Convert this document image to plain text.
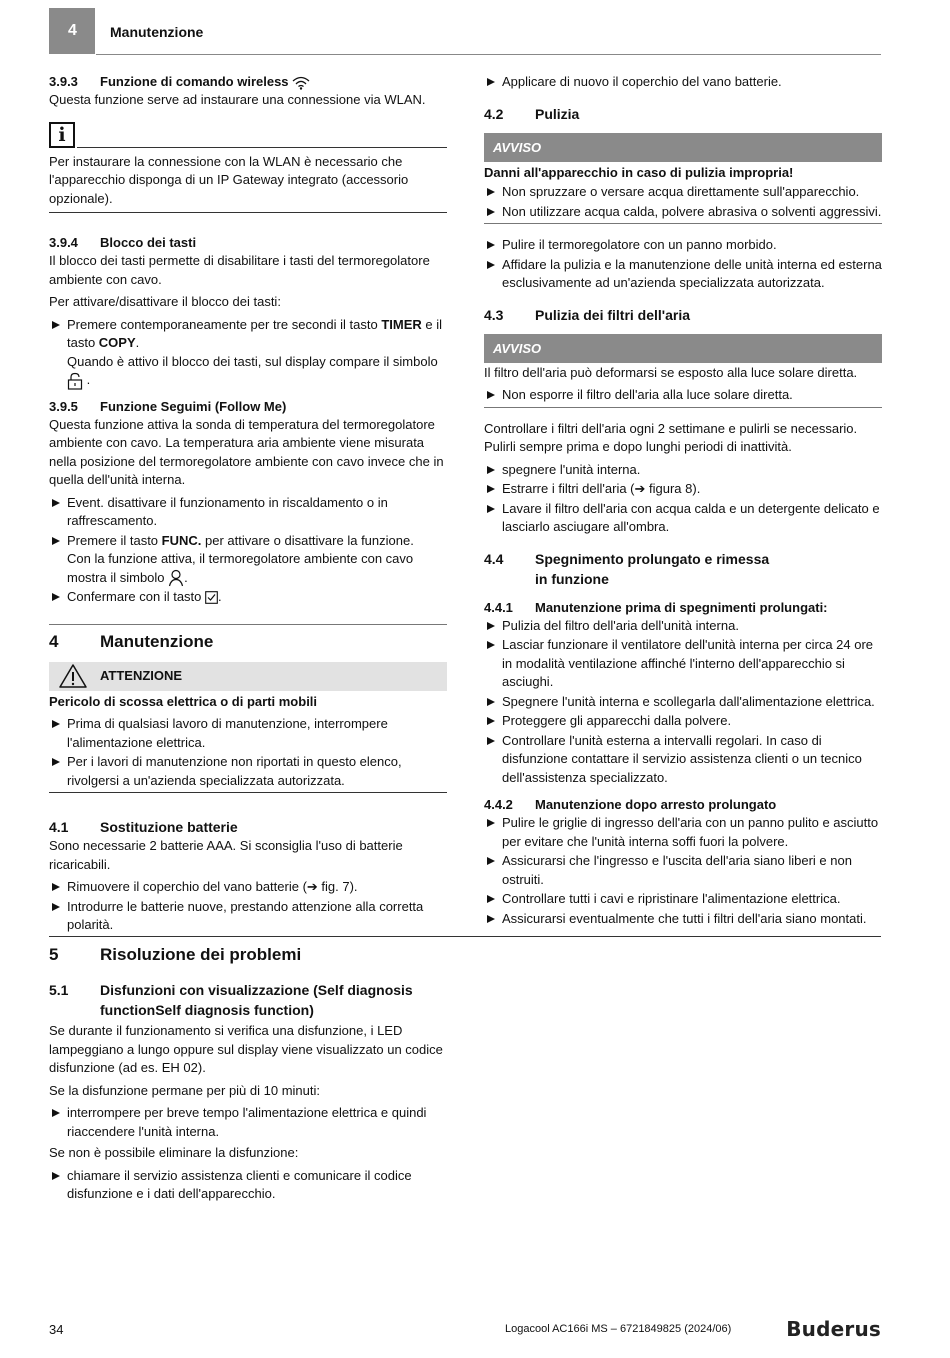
4 Manutenzione
3.9.3 Funzione di comando wireless

Questa funzione serve ad instaurare una connessione via WLAN.

i

Per instaurare la connessione con la WLAN è necessario che l'apparecchio disponga di un IP Gateway integrato (accessorio opzionale).

3.9.4 Blocco dei tasti

Il blocco dei tasti permette di disabilitare i tasti del termoregolatore ambiente con cavo.

Per attivare/disattivare il blocco dei tasti:

Premere contemporaneamente per tre secondi il tasto TIMER e il tasto COPY.
Quando è attivo il blocco dei tasti, sul display compare il simbolo  .
3.9.5 Funzione Seguimi (Follow Me)

Questa funzione attiva la sonda di temperatura del termoregolatore ambiente con cavo. La temperatura aria ambiente viene misurata nella posizione del termoregolatore ambiente con cavo invece che in quella dell'unità interna.

Event. disattivare il funzionamento in riscaldamento o in raffrescamento.
Premere il tasto FUNC. per attivare o disattivare la funzione.
Con la funzione attiva, il termoregolatore ambiente con cavo mostra il simbolo .
Confermare con il tasto .
4	Manutenzione
ATTENZIONE

Pericolo di scossa elettrica o di parti mobili

Prima di qualsiasi lavoro di manutenzione, interrompere l'alimentazione elettrica.
Per i lavori di manutenzione non riportati in questo elenco, rivolgersi a un'azienda specializzata autorizzata.
4.1	Sostituzione batterie

Sono necessarie 2 batterie AAA. Si sconsiglia l'uso di batterie ricaricabili.

Rimuovere il coperchio del vano batterie (➔ fig. 7).
Introdurre le batterie nuove, prestando attenzione alla corretta polarità.
Applicare di nuovo il coperchio del vano batterie.
4.2	Pulizia
AVVISO

Danni all'apparecchio in caso di pulizia impropria!

Non spruzzare o versare acqua direttamente sull'apparecchio.
Non utilizzare acqua calda, polvere abrasiva o solventi aggressivi.
Pulire il termoregolatore con un panno morbido.
Affidare la pulizia e la manutenzione delle unità interna ed esterna esclusivamente ad un'azienda specializzata autorizzata.
4.3	Pulizia dei filtri dell'aria
AVVISO

Il filtro dell'aria può deformarsi se esposto alla luce solare diretta.

Non esporre il filtro dell'aria alla luce solare diretta.

Controllare i filtri dell'aria ogni 2 settimane e pulirli se necessario. Pulirli sempre prima e dopo lunghi periodi di inattività.

spegnere l'unità interna.
Estrarre i filtri dell'aria (➔ figura 8).
Lavare il filtro dell'aria con acqua calda e un detergente delicato e lasciarlo asciugare all'ombra.
4.4	Spegnimento prolungato e rimessa
in funzione
4.4.1 Manutenzione prima di spegnimenti prolungati:
Pulizia del filtro dell'aria dell'unità interna.
Lasciar funzionare il ventilatore dell'unità interna per circa 24 ore in modalità ventilazione affinché l'interno dell'apparecchio si asciughi.
Spegnere l'unità interna e scollegarla dall'alimentazione elettrica.
Proteggere gli apparecchi dalla polvere.
Controllare l'unità esterna a intervalli regolari. In caso di disfunzione contattare il servizio assistenza clienti o un tecnico dell'assistenza specializzato.
4.4.2 Manutenzione dopo arresto prolungato
Pulire le griglie di ingresso dell'aria con un panno pulito e asciutto per evitare che l'unità interna soffi fuori la polvere.
Assicurarsi che l'ingresso e l'uscita dell'aria siano liberi e non ostruiti.
Controllare tutti i cavi e ripristinare l'alimentazione elettrica.
Assicurarsi eventualmente che tutti i filtri dell'aria siano montati.
5	Risoluzione dei problemi
5.1	Disfunzioni con visualizzazione (Self diagnosis functionSelf diagnosis function)

Se durante il funzionamento si verifica una disfunzione, i LED lampeggiano a lungo oppure sul display viene visualizzato un codice disfunzione (ad es. EH 02).

Se la disfunzione permane per più di 10 minuti:

interrompere per breve tempo l'alimentazione elettrica e quindi riaccendere l'unità interna.

Se non è possibile eliminare la disfunzione:

chiamare il servizio assistenza clienti e comunicare il codice disfunzione e i dati dell'apparecchio.
34	Logacool AC166i MS – 6721849825 (2024/06)	Buderus
